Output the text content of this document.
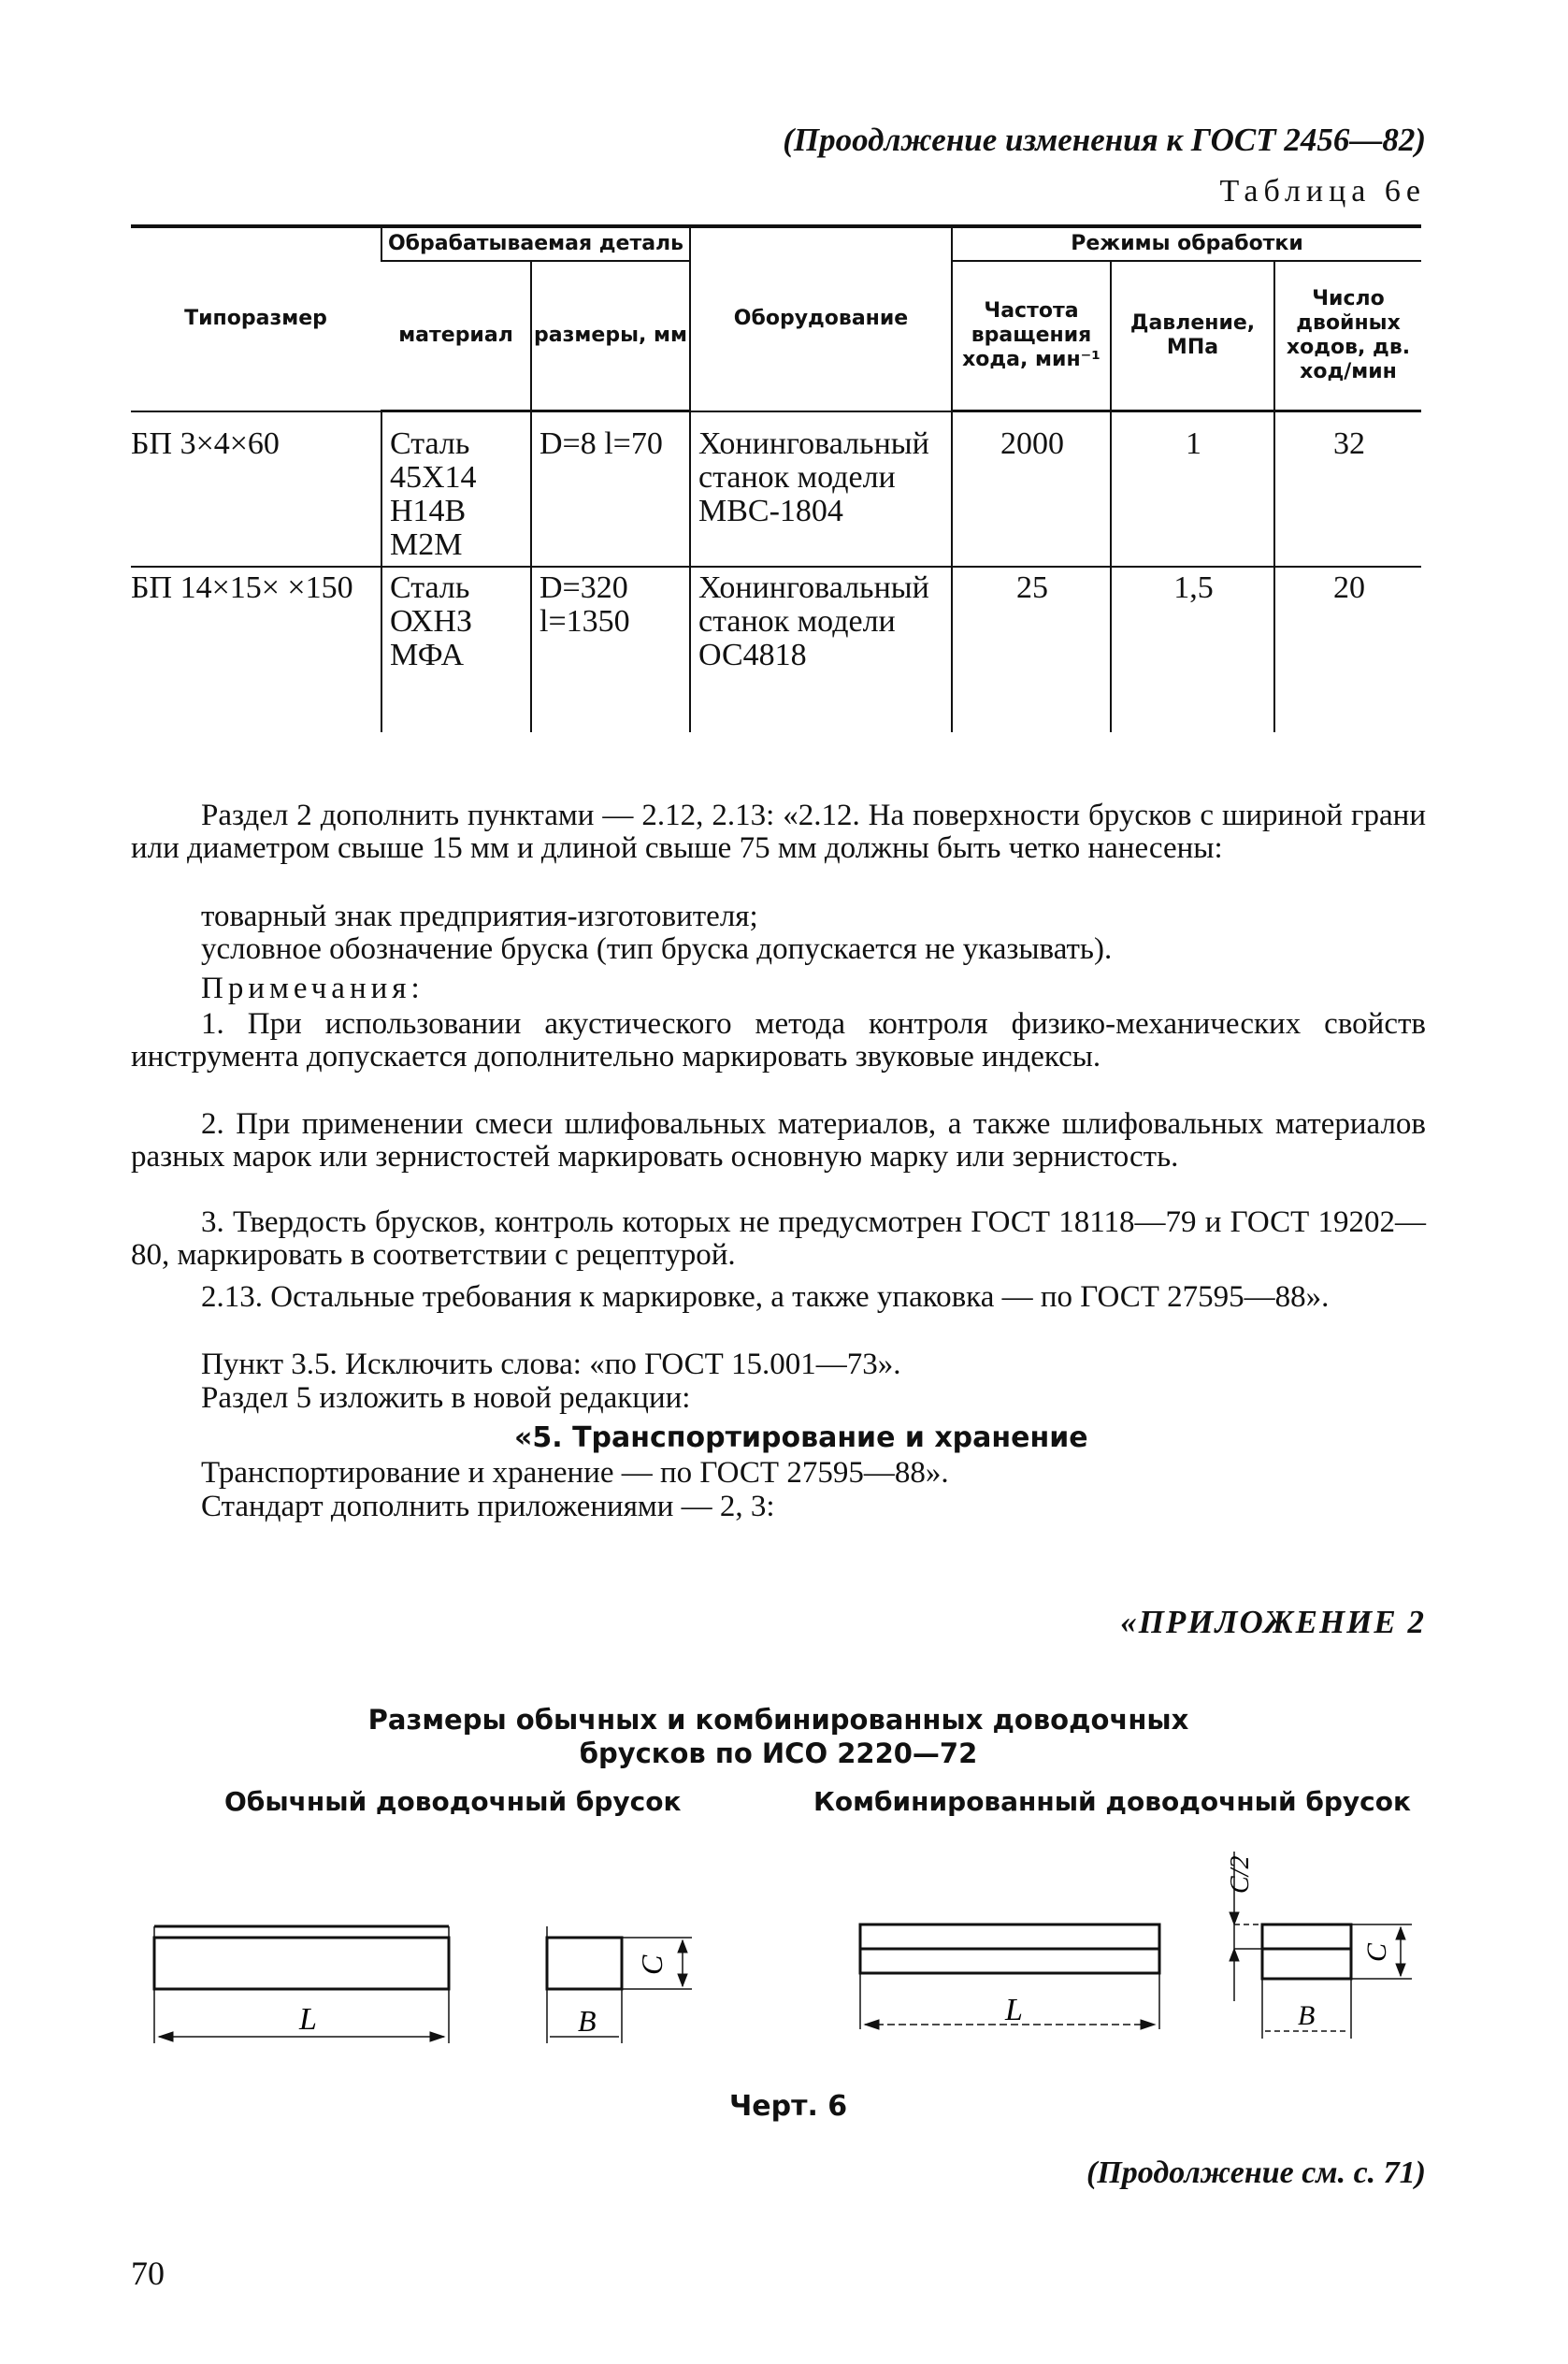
(Проодлжение изменения к ГОСТ 2456—82)
Таблица 6е
Типоразмер	Обрабатываемая деталь		Оборудование	Режимы обработки		
	материал	размеры, мм		Частота вращения хода, мин⁻¹	Давление, МПа	Число двойных ходов, дв. ход/мин
БП 3×4×60	Сталь 45Х14 Н14В М2М	D=8 l=70	Хонинговальный станок модели МВС-1804	2000	1	32
БП 14×15× ×150	Сталь ОХНЗ МФА	D=320 l=1350	Хонинговальный станок модели ОС4818	25	1,5	20
Раздел 2 дополнить пунктами — 2.12, 2.13: «2.12. На поверхности брусков с шириной грани или диаметром свыше 15 мм и длиной свыше 75 мм должны быть четко нанесены:
товарный знак предприятия-изготовителя;
условное обозначение бруска (тип бруска допускается не указывать).
Примечания:
1. При использовании акустического метода контроля физико-механических свойств инструмента допускается дополнительно маркировать звуковые индексы.
2. При применении смеси шлифовальных материалов, а также шлифовальных материалов разных марок или зернистостей маркировать основную марку или зернистость.
3. Твердость брусков, контроль которых не предусмотрен ГОСТ 18118—79 и ГОСТ 19202—80, маркировать в соответствии с рецептурой.
2.13. Остальные требования к маркировке, а также упаковка — по ГОСТ 27595—88».
Пункт 3.5. Исключить слова: «по ГОСТ 15.001—73».
Раздел 5 изложить в новой редакции:
«5. Транспортирование и хранение
Транспортирование и хранение — по ГОСТ 27595—88».
Стандарт дополнить приложениями — 2, 3:
«ПРИЛОЖЕНИЕ 2
Размеры обычных и комбинированных доводочных
брусков по ИСО 2220—72
Обычный доводочный брусок	Комбинированный доводочный брусок
L	B
C
L	B
C
C/2
Черт. 6
(Продолжение см. с. 71)
70
